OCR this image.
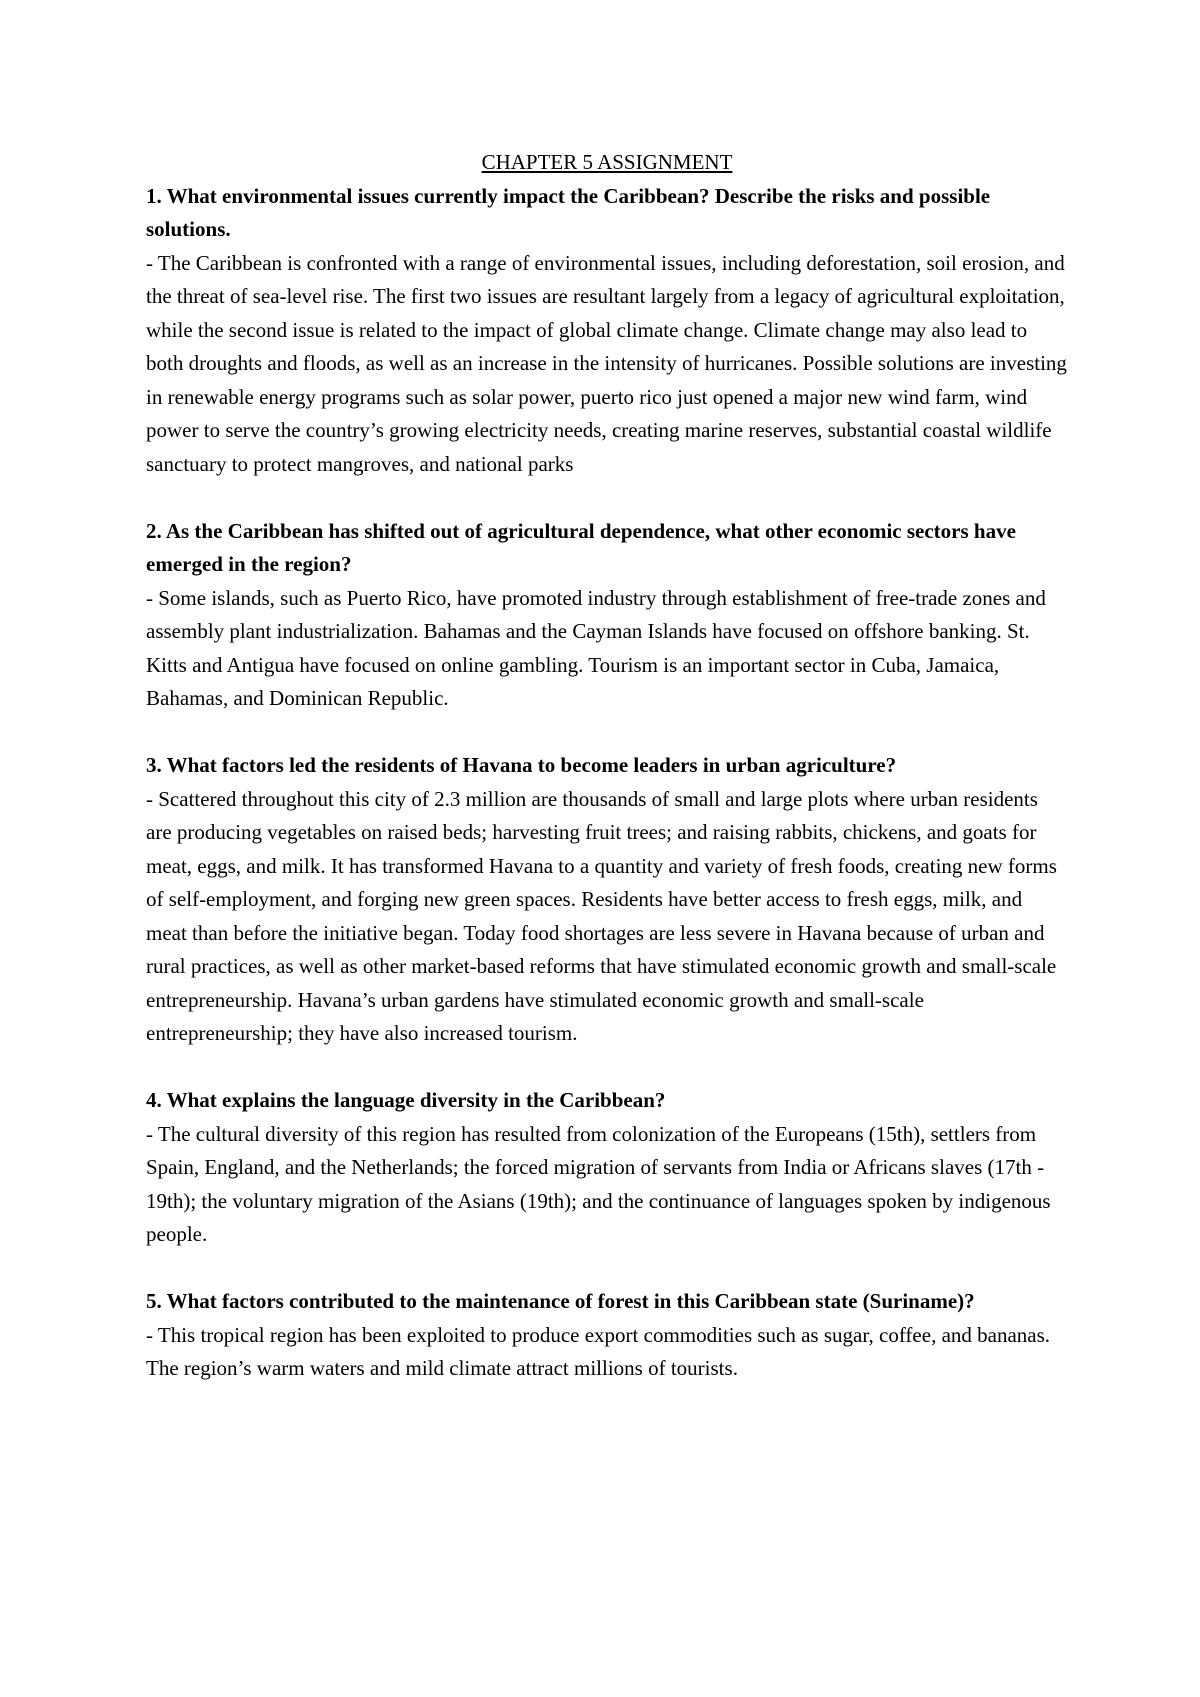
CHAPTER 5 ASSIGNMENT

1. What environmental issues currently impact the Caribbean? Describe the risks and possible solutions.

- The Caribbean is confronted with a range of environmental issues, including deforestation, soil erosion, and the threat of sea-level rise. The first two issues are resultant largely from a legacy of agricultural exploitation, while the second issue is related to the impact of global climate change. Climate change may also lead to both droughts and floods, as well as an increase in the intensity of hurricanes. Possible solutions are investing in renewable energy programs such as solar power, puerto rico just opened a major new wind farm, wind power to serve the country’s growing electricity needs, creating marine reserves, substantial coastal wildlife sanctuary to protect mangroves, and national parks

2. As the Caribbean has shifted out of agricultural dependence, what other economic sectors have emerged in the region?

- Some islands, such as Puerto Rico, have promoted industry through establishment of free-trade zones and assembly plant industrialization. Bahamas and the Cayman Islands have focused on offshore banking. St. Kitts and Antigua have focused on online gambling. Tourism is an important sector in Cuba, Jamaica, Bahamas, and Dominican Republic.

3. What factors led the residents of Havana to become leaders in urban agriculture?

- Scattered throughout this city of 2.3 million are thousands of small and large plots where urban residents are producing vegetables on raised beds; harvesting fruit trees; and raising rabbits, chickens, and goats for meat, eggs, and milk. It has transformed Havana to a quantity and variety of fresh foods, creating new forms of self-employment, and forging new green spaces. Residents have better access to fresh eggs, milk, and meat than before the initiative began. Today food shortages are less severe in Havana because of urban and rural practices, as well as other market-based reforms that have stimulated economic growth and small-scale entrepreneurship. Havana’s urban gardens have stimulated economic growth and small-scale entrepreneurship; they have also increased tourism.

4. What explains the language diversity in the Caribbean?

- The cultural diversity of this region has resulted from colonization of the Europeans (15th), settlers from Spain, England, and the Netherlands; the forced migration of servants from India or Africans slaves (17th - 19th); the voluntary migration of the Asians (19th); and the continuance of languages spoken by indigenous people.

5. What factors contributed to the maintenance of forest in this Caribbean state (Suriname)?

- This tropical region has been exploited to produce export commodities such as sugar, coffee, and bananas. The region’s warm waters and mild climate attract millions of tourists.
